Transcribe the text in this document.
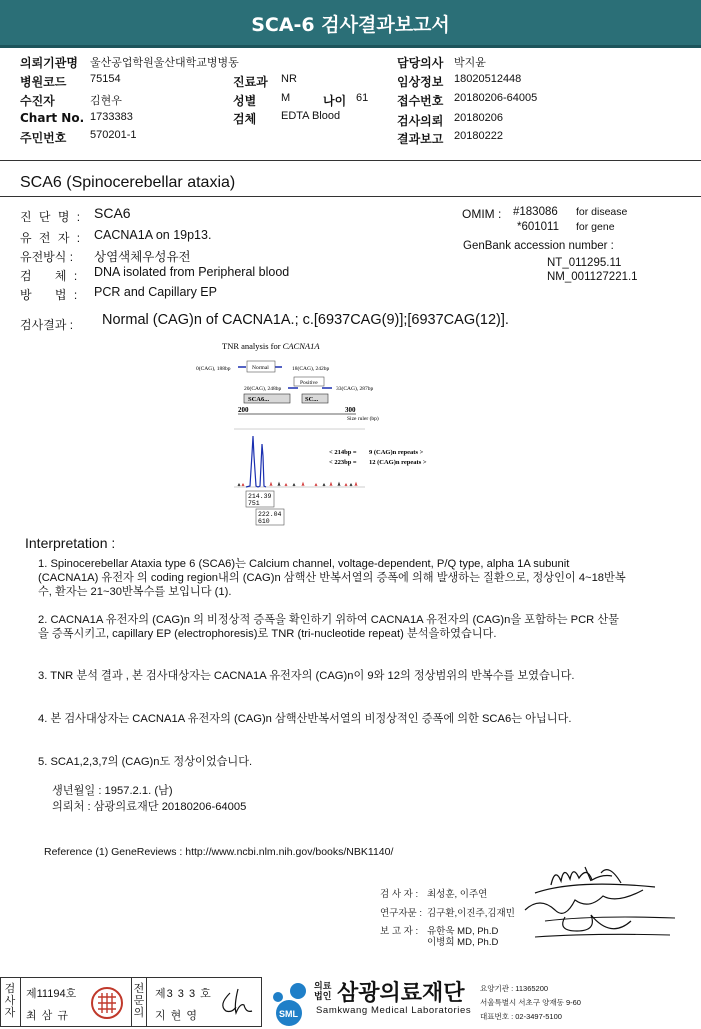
SCA-6 검사결과보고서
의뢰기관명 울산공업학원울산대학교병병동	담당의사 박지윤
병원코드 75154	진료과 NR	임상정보 18020512448
수진자	김현우	성별 M	나이 61 접수번호 20180206-64005
Chart No. 1733383	검체 EDTA Blood	검사의뢰 20180206
주민번호 570201-1	결과보고 20180222
SCA6 (Spinocerebellar ataxia)
진 단 명 : SCA6
유 전 자 : CACNA1A on 19p13.
유전방식 : 상염색체우성유전
검    체 : DNA isolated from Peripheral blood
방    법 : PCR and Capillary EP
OMIM : #183086 for disease
*601011 for gene
GenBank accession number :
NT_011295.11
NM_001127221.1
검사결과 : Normal (CAG)n of CACNA1A.; c.[6937CAG(9)];[6937CAG(12)].
TNR analysis for CACNA1A
0(CAG), 188bp	Normal	18(CAG), 242bp
Positive
20(CAG), 248bp	33(CAG), 287bp
SCA6...	SC...
200	300
Size ruler (bp)
< 214bp = 9 (CAG)n repeats >
< 223bp = 12 (CAG)n repeats >
214.39
751
222.04
610
Interpretation :
1. Spinocerebellar Ataxia type 6 (SCA6)는 Calcium channel, voltage-dependent, P/Q type, alpha 1A subunit (CACNA1A) 유전자 의 coding region내의 (CAG)n 삼핵산 반복서열의 증폭에 의해 발생하는 질환으로, 정상인이 4~18반복수, 환자는 21~30반복수를 보입니다 (1).
2. CACNA1A 유전자의 (CAG)n 의 비정상적 증폭을 확인하기 위하여 CACNA1A 유전자의 (CAG)n을 포함하는 PCR 산물을 증폭시키고, capillary EP (electrophoresis)로 TNR (tri-nucleotide repeat) 분석을하였습니다.
3. TNR 분석 결과 , 본 검사대상자는 CACNA1A 유전자의 (CAG)n이 9와 12의 정상범위의 반복수를 보였습니다.
4. 본 검사대상자는 CACNA1A 유전자의 (CAG)n 삼핵산반복서열의 비정상적인 증폭에 의한 SCA6는 아닙니다.
5. SCA1,2,3,7의 (CAG)n도 정상이었습니다.
생년월일 : 1957.2.1. (남)
의뢰처 : 삼광의료재단 20180206-64005
Reference (1) GeneReviews : http://www.ncbi.nlm.nih.gov/books/NBK1140/
검 사 자 : 최성훈, 이주연
연구자문 : 김구환,이진주,김재민
보 고 자 : 유한욱 MD, Ph.D
이병희 MD, Ph.D
검사자
제11194호
최 삼 규
전문의
제3 3 3 호
지 현 영	SML
의료법인 삼광의료재단
Samkwang Medical Laboratories
요양기관 : 11365200
서울특별시 서초구 양재동 9-60
대표번호 : 02-3497-5100
